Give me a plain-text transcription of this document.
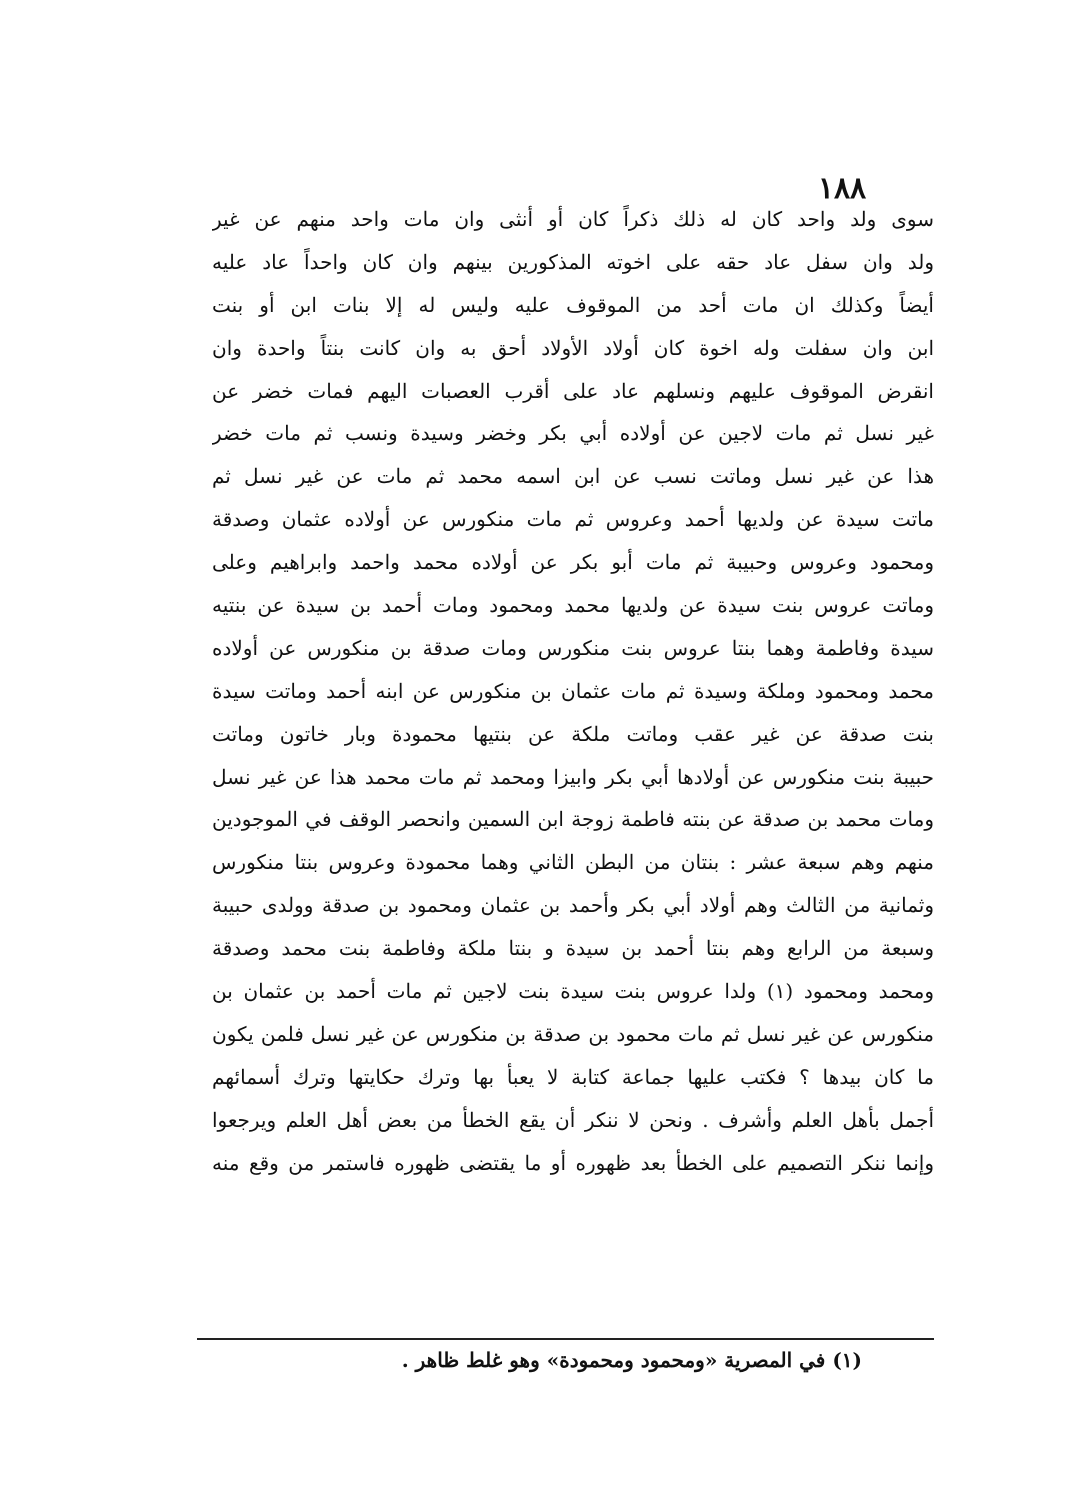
١٨٨
سوى ولد واحد كان له ذلك ذكراً كان أو أنثى وان مات واحد منهم عن غير
ولد وان سفل عاد حقه على اخوته المذكورين بينهم وان كان واحداً عاد عليه
أيضاً وكذلك ان مات أحد من الموقوف عليه وليس له إلا بنات ابن أو بنت
ابن وان سفلت وله اخوة كان أولاد الأولاد أحق به وان كانت بنتاً واحدة وان
انقرض الموقوف عليهم ونسلهم عاد على أقرب العصبات اليهم فمات خضر عن
غير نسل ثم مات لاجين عن أولاده أبي بكر وخضر وسيدة ونسب ثم مات خضر
هذا عن غير نسل وماتت نسب عن ابن اسمه محمد ثم مات عن غير نسل ثم
ماتت سيدة عن ولديها أحمد وعروس ثم مات منكورس عن أولاده عثمان وصدقة
ومحمود وعروس وحبيبة ثم مات أبو بكر عن أولاده محمد واحمد وابراهيم وعلى
وماتت عروس بنت سيدة عن ولديها محمد ومحمود ومات أحمد بن سيدة عن بنتيه
سيدة وفاطمة وهما بنتا عروس بنت منكورس ومات صدقة بن منكورس عن أولاده
محمد ومحمود وملكة وسيدة ثم مات عثمان بن منكورس عن ابنه أحمد وماتت سيدة
بنت صدقة عن غير عقب وماتت ملكة عن بنتيها محمودة وبار خاتون وماتت
حبيبة بنت منكورس عن أولادها أبي بكر وابيزا ومحمد ثم مات محمد هذا عن غير نسل
ومات محمد بن صدقة عن بنته فاطمة زوجة ابن السمين وانحصر الوقف في الموجودين
منهم وهم سبعة عشر : بنتان من البطن الثاني وهما محمودة وعروس بنتا منكورس
وثمانية من الثالث وهم أولاد أبي بكر وأحمد بن عثمان ومحمود بن صدقة وولدى حبيبة
وسبعة من الرابع وهم بنتا أحمد بن سيدة و بنتا ملكة وفاطمة بنت محمد وصدقة
ومحمد ومحمود (١) ولدا عروس بنت سيدة بنت لاجين ثم مات أحمد بن عثمان بن
منكورس عن غير نسل ثم مات محمود بن صدقة بن منكورس عن غير نسل فلمن يكون
ما كان بيدها ؟ فكتب عليها جماعة كتابة لا يعبأ بها وترك حكايتها وترك أسمائهم
أجمل بأهل العلم وأشرف . ونحن لا ننكر أن يقع الخطأ من بعض أهل العلم ويرجعوا
وإنما ننكر التصميم على الخطأ بعد ظهوره أو ما يقتضى ظهوره فاستمر من وقع منه
(١) في المصرية «ومحمود ومحمودة» وهو غلط ظاهر .
